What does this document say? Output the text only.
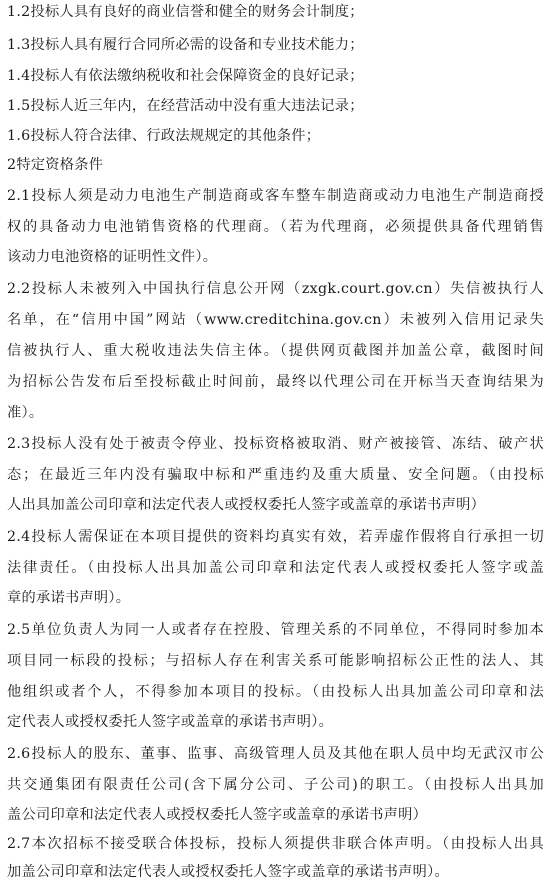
1.2投标人具有良好的商业信誉和健全的财务会计制度；
1.3投标人具有履行合同所必需的设备和专业技术能力；
1.4投标人有依法缴纳税收和社会保障资金的良好记录；
1.5投标人近三年内，在经营活动中没有重大违法记录；
1.6投标人符合法律、行政法规规定的其他条件；
2特定资格条件
2.1投标人须是动力电池生产制造商或客车整车制造商或动力电池生产制造商授
权的具备动力电池销售资格的代理商。（若为代理商，必须提供具备代理销售
该动力电池资格的证明性文件）。
2.2投标人未被列入中国执行信息公开网（zxgk.court.gov.cn）失信被执行人
名单，在“信用中国”网站（www.creditchina.gov.cn）未被列入信用记录失
信被执行人、重大税收违法失信主体。（提供网页截图并加盖公章，截图时间
为招标公告发布后至投标截止时间前，最终以代理公司在开标当天查询结果为
准）。
2.3投标人没有处于被责令停业、投标资格被取消、财产被接管、冻结、破产状
态；在最近三年内没有骗取中标和严重违约及重大质量、安全问题。（由投标
人出具加盖公司印章和法定代表人或授权委托人签字或盖章的承诺书声明）
2.4投标人需保证在本项目提供的资料均真实有效，若弄虚作假将自行承担一切
法律责任。（由投标人出具加盖公司印章和法定代表人或授权委托人签字或盖
章的承诺书声明）。
2.5单位负责人为同一人或者存在控股、管理关系的不同单位，不得同时参加本
项目同一标段的投标；与招标人存在利害关系可能影响招标公正性的法人、其
他组织或者个人，不得参加本项目的投标。（由投标人出具加盖公司印章和法
定代表人或授权委托人签字或盖章的承诺书声明）。
2.6投标人的股东、董事、监事、高级管理人员及其他在职人员中均无武汉市公
共交通集团有限责任公司(含下属分公司、子公司)的职工。（由投标人出具加
盖公司印章和法定代表人或授权委托人签字或盖章的承诺书声明）
2.7本次招标不接受联合体投标，投标人须提供非联合体声明。（由投标人出具
加盖公司印章和法定代表人或授权委托人签字或盖章的承诺书声明）。
